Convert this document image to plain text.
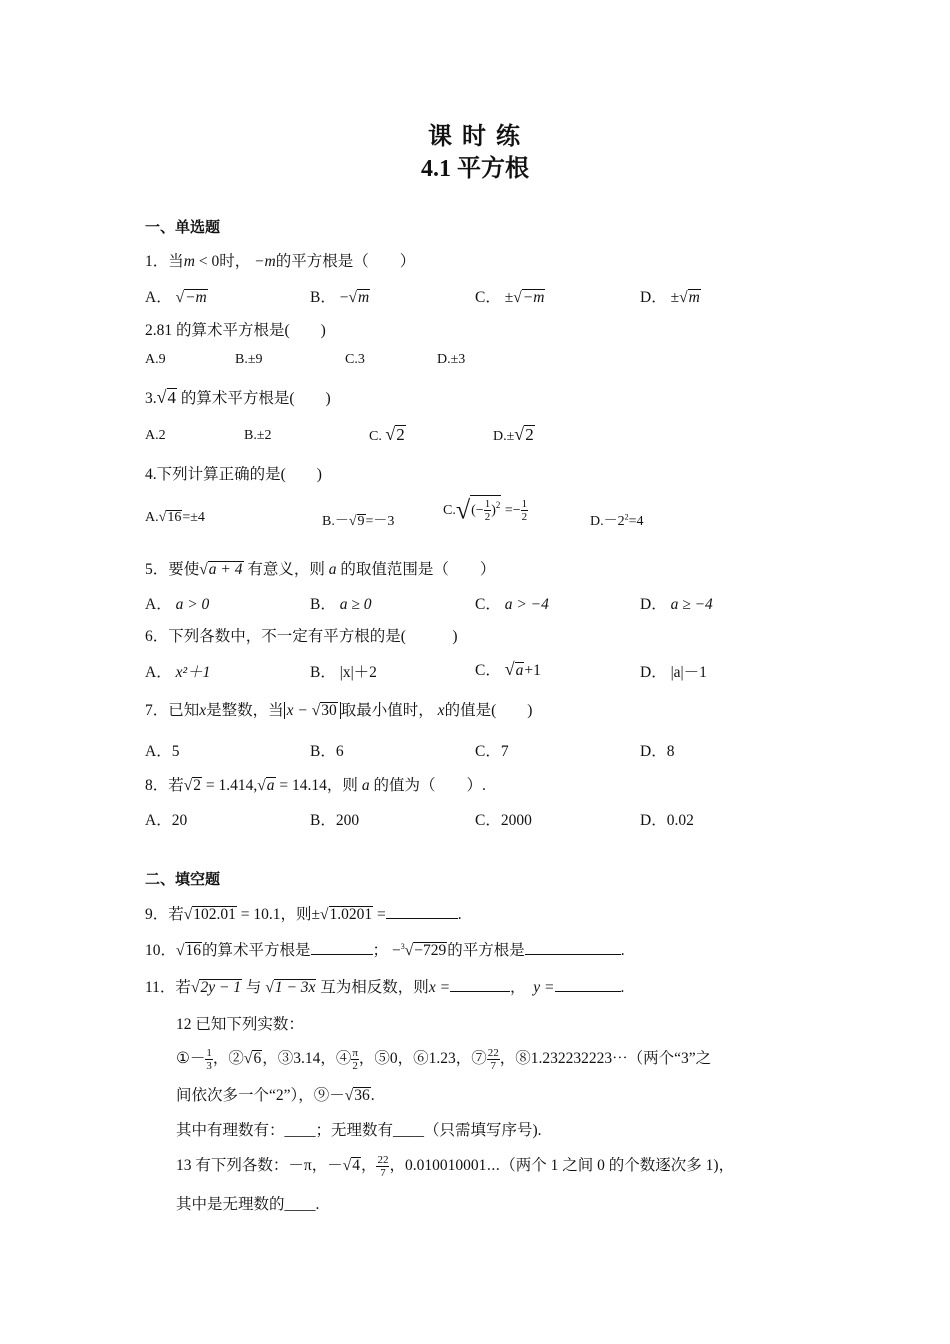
课 时 练
4.1 平方根
一、单选题
1．当m < 0时， −m的平方根是（　　）
A． √−m	B． −√m	C． ±√−m	D． ±√m
2.81 的算术平方根是(　　)
A.9	B.±9	C.3	D.±3
3.√4 的算术平方根是(　　)
A.2	B.±2	C. √2	D.±√2
4.下列计算正确的是(　　)
A.√16=±4	B.－√9=－3
$C.√(- \frac{1}{2} )^2 =- \frac{1}{2}$	$D.-2^2=4$
5．要使√a + 4 有意义，则 a 的取值范围是（　　）
A． a > 0	B． a ≥ 0	C． a > −4	D． a ≥ −4
6．下列各数中，不一定有平方根的是(　　　)
A． x²＋1	B． |x|＋2	C． √a+1	D． |a|－1
7．已知x是整数，当 x − √30 取最小值时， x的值是(　　)
A．5	B．6	C．7	D．8
8．若√2 = 1.414,√a = 14.14，则 a 的值为（　　）.
A．20	B．200	C．2000	D．0.02
二、填空题
9．若√102.01 = 10.1，则±√1.0201 =	.
10．√16的算术平方根是	； −$^3$√−729的平方根是	.
11．若√2y − 1 与 √1 − 3x 互为相反数，则x =	， y =	.
12 已知下列实数：
①－ $\frac{1}{3}$ ，②√6，③3.14，④ $\frac{\pi}{2}$ ，⑤0，⑥1.23，⑦ $\frac{22}{7}$ ，⑧1.232232223⋯（两个“3”之
间依次多一个“2”），⑨－√36.
其中有理数有：____；无理数有____（只需填写序号).
13 有下列各数：－π，－√4， $\frac{22}{7}$ ，0.010010001⋯（两个 1 之间 0 的个数逐次多 1)，
其中是无理数的____.
